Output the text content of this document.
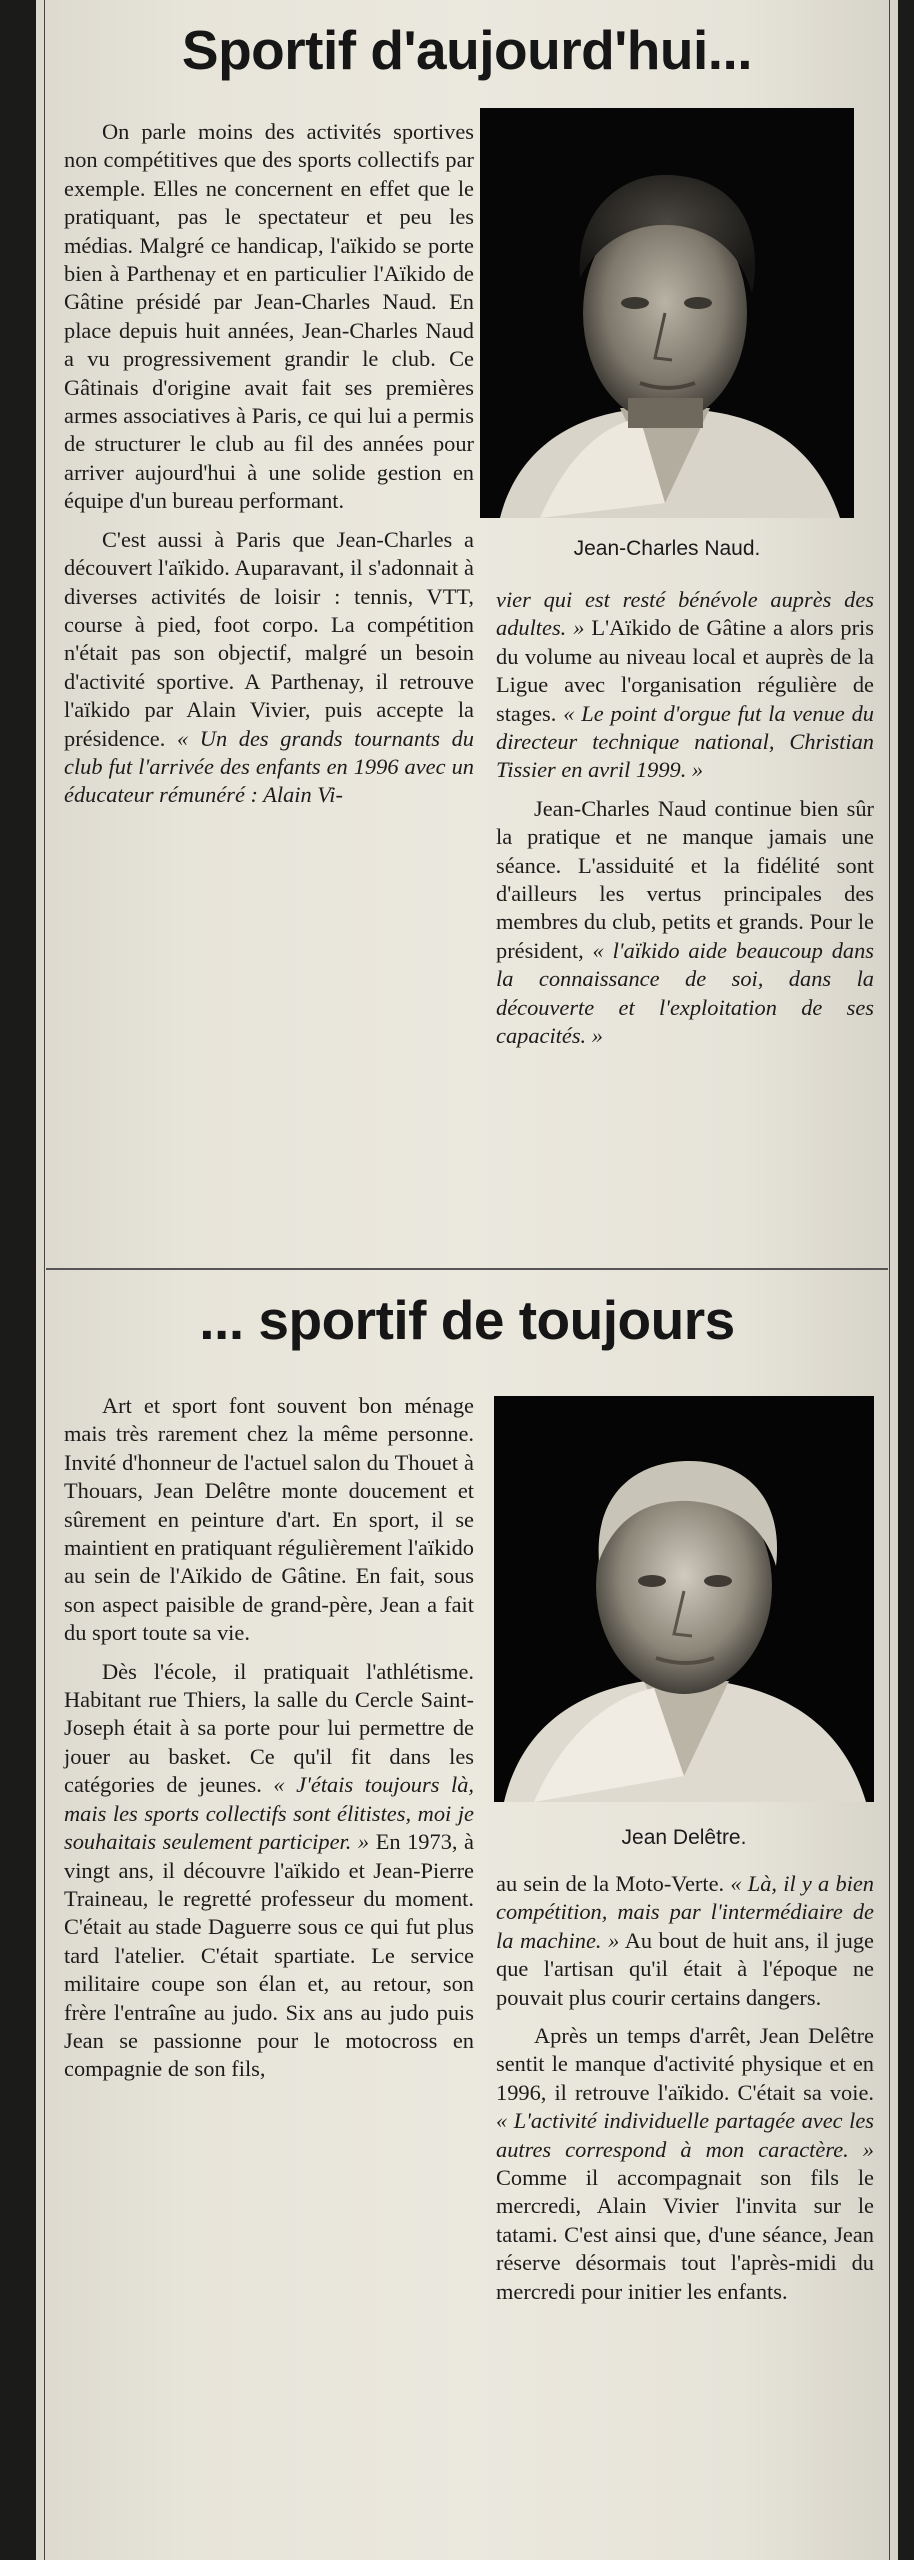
Sportif d'aujourd'hui...

On parle moins des activités sportives non compétitives que des sports collectifs par exemple. Elles ne concernent en effet que le pratiquant, pas le spectateur et peu les médias. Malgré ce handicap, l'aïkido se porte bien à Parthenay et en particulier l'Aïkido de Gâtine présidé par Jean-Charles Naud. En place depuis huit années, Jean-Charles Naud a vu progressivement grandir le club. Ce Gâtinais d'origine avait fait ses premières armes associatives à Paris, ce qui lui a permis de structurer le club au fil des années pour arriver aujourd'hui à une solide gestion en équipe d'un bureau performant.

C'est aussi à Paris que Jean-Charles a découvert l'aïkido. Auparavant, il s'adonnait à diverses activités de loisir : tennis, VTT, course à pied, foot corpo. La compétition n'était pas son objectif, malgré un besoin d'activité sportive. A Parthenay, il retrouve l'aïkido par Alain Vivier, puis accepte la présidence. « Un des grands tournants du club fut l'arrivée des enfants en 1996 avec un éducateur rémunéré : Alain Vi-

Jean-Charles Naud.

vier qui est resté bénévole auprès des adultes. » L'Aïkido de Gâtine a alors pris du volume au niveau local et auprès de la Ligue avec l'organisation régulière de stages. « Le point d'orgue fut la venue du directeur technique national, Christian Tissier en avril 1999. »

Jean-Charles Naud continue bien sûr la pratique et ne manque jamais une séance. L'assiduité et la fidélité sont d'ailleurs les vertus principales des membres du club, petits et grands. Pour le président, « l'aïkido aide beaucoup dans la connaissance de soi, dans la découverte et l'exploitation de ses capacités. »

... sportif de toujours

Art et sport font souvent bon ménage mais très rarement chez la même personne. Invité d'honneur de l'actuel salon du Thouet à Thouars, Jean Delêtre monte doucement et sûrement en peinture d'art. En sport, il se maintient en pratiquant régulièrement l'aïkido au sein de l'Aïkido de Gâtine. En fait, sous son aspect paisible de grand-père, Jean a fait du sport toute sa vie.

Dès l'école, il pratiquait l'athlétisme. Habitant rue Thiers, la salle du Cercle Saint-Joseph était à sa porte pour lui permettre de jouer au basket. Ce qu'il fit dans les catégories de jeunes. « J'étais toujours là, mais les sports collectifs sont élitistes, moi je souhaitais seulement participer. » En 1973, à vingt ans, il découvre l'aïkido et Jean-Pierre Traineau, le regretté professeur du moment. C'était au stade Daguerre sous ce qui fut plus tard l'atelier. C'était spartiate. Le service militaire coupe son élan et, au retour, son frère l'entraîne au judo. Six ans au judo puis Jean se passionne pour le motocross en compagnie de son fils,

Jean Delêtre.

au sein de la Moto-Verte. « Là, il y a bien compétition, mais par l'intermédiaire de la machine. » Au bout de huit ans, il juge que l'artisan qu'il était à l'époque ne pouvait plus courir certains dangers.

Après un temps d'arrêt, Jean Delêtre sentit le manque d'activité physique et en 1996, il retrouve l'aïkido. C'était sa voie. « L'activité individuelle partagée avec les autres correspond à mon caractère. » Comme il accompagnait son fils le mercredi, Alain Vivier l'invita sur le tatami. C'est ainsi que, d'une séance, Jean réserve désormais tout l'après-midi du mercredi pour initier les enfants.
